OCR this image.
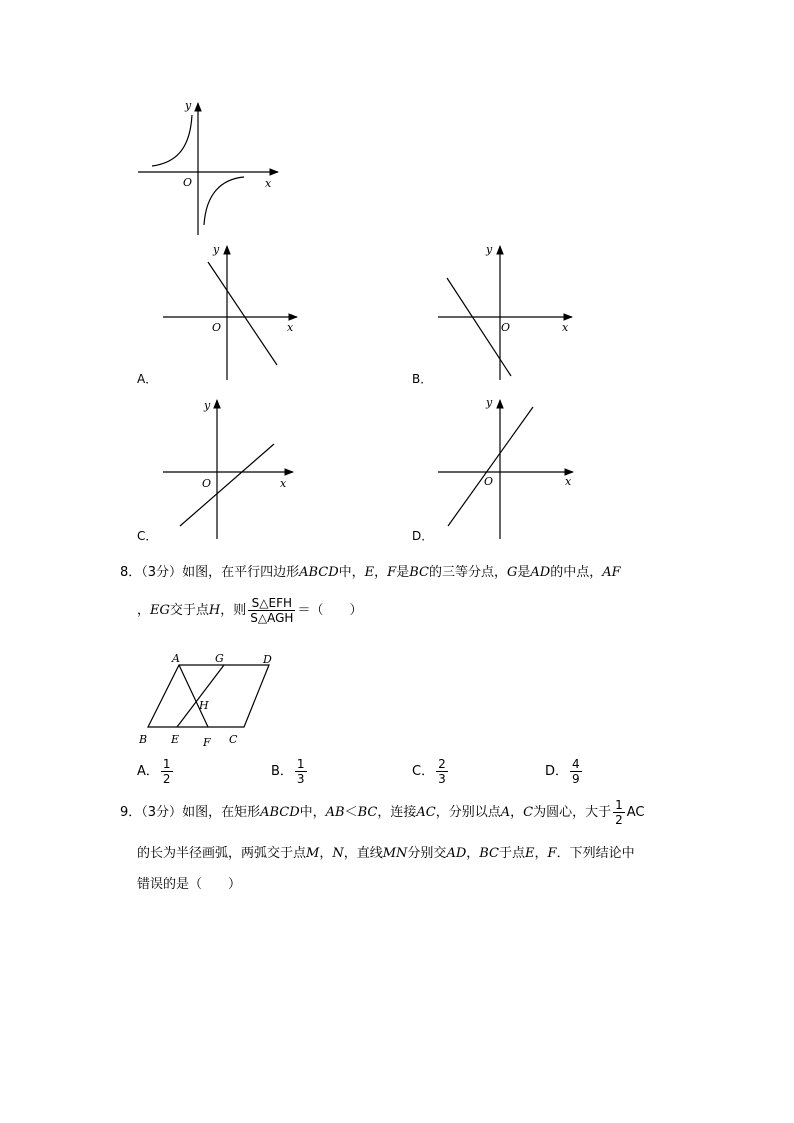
y
x
O
y
x
O
A．
y
x
O
B．
y
x
O
C．
y
x
O
D．
8．（3分）如图，在平行四边形ABCD中，E，F是BC的三等分点，G是AD的中点，AF
，EG交于点H，则 $\frac{\text{S△EFH}}{\text{S△AGH}}$ ＝（　　）
A	G	D
H
B E F C
A． $\frac{1}{2}$	B． $\frac{1}{3}$	C． $\frac{2}{3}$	D． $\frac{4}{9}$
9．（3分）如图，在矩形ABCD中，AB＜BC，连接AC，分别以点A，C为圆心，大于 $\frac{1}{2}$ AC
的长为半径画弧，两弧交于点M，N，直线MN分别交AD，BC于点E，F．下列结论中
错误的是（　　）
